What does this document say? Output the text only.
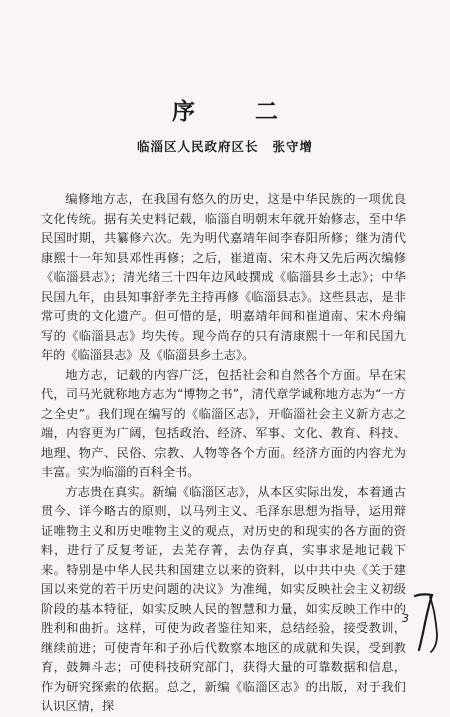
序 二
临淄区人民政府区长 张守增

编修地方志，在我国有悠久的历史，这是中华民族的一项优良文化传统。据有关史料记载，临淄自明朝末年就开始修志，至中华民国时期，共纂修六次。先为明代嘉靖年间李春阳所修；继为清代康熙十一年知县邓性再修；之后，崔道南、宋木舟又先后两次编修《临淄县志》；清光绪三十四年边风岐撰成《临淄县乡土志》；中华民国九年，由县知事舒孝先主持再修《临淄县志》。这些县志，是非常可贵的文化遗产。但可惜的是，明嘉靖年间和崔道南、宋木舟编写的《临淄县志》均失传。现今尚存的只有清康熙十一年和民国九年的《临淄县志》及《临淄县乡土志》。

地方志，记载的内容广泛，包括社会和自然各个方面。早在宋代，司马光就称地方志为“博物之书”，清代章学诚称地方志为“一方之全史”。我们现在编写的《临淄区志》，开临淄社会主义新方志之端，内容更为广阔，包括政治、经济、军事、文化、教育、科技、地理、物产、民俗、宗教、人物等各个方面。经济方面的内容尤为丰富。实为临淄的百科全书。

方志贵在真实。新编《临淄区志》，从本区实际出发，本着通古贯今、详今略古的原则，以马列主义、毛泽东思想为指导，运用辩证唯物主义和历史唯物主义的观点，对历史的和现实的各方面的资料，进行了反复考证，去芜存菁，去伪存真，实事求是地记载下来。特别是中华人民共和国建立以来的资料，以中共中央《关于建国以来党的若干历史问题的决议》为准绳，如实反映社会主义初级阶段的基本特征，如实反映人民的智慧和力量，如实反映工作中的胜利和曲折。这样，可使为政者鉴往知来，总结经验，接受教训，继续前进；可使青年和子孙后代数察本地区的成就和失误，受到教育，鼓舞斗志；可使科技研究部门，获得大量的可靠数据和信息，作为研究探索的依据。总之，新编《临淄区志》的出版，对于我们认识区情，探

3
